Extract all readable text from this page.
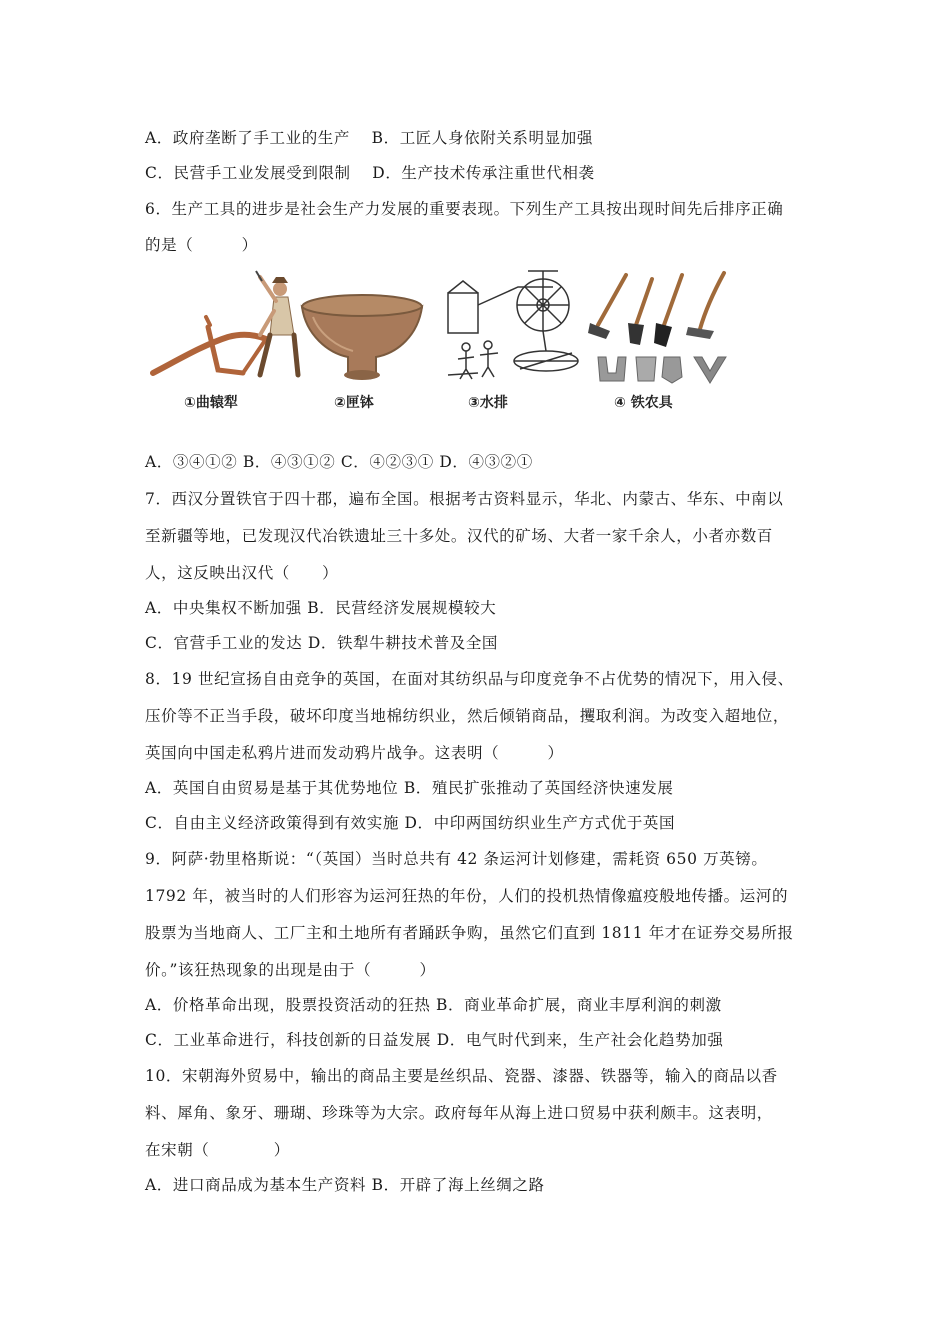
A．政府垄断了手工业的生产　 B．工匠人身依附关系明显加强
C．民营手工业发展受到限制　 D．生产技术传承注重世代相袭
6．生产工具的进步是社会生产力发展的重要表现。下列生产工具按出现时间先后排序正确
的是（　　　）
①曲辕犁	②匣钵	③水排	④ 铁农具
A．③④①② B．④③①② C．④②③① D．④③②①
7．西汉分置铁官于四十郡，遍布全国。根据考古资料显示，华北、内蒙古、华东、中南以
至新疆等地，已发现汉代冶铁遗址三十多处。汉代的矿场、大者一家千余人，小者亦数百
人，这反映出汉代（　　）
A．中央集权不断加强 B．民营经济发展规模较大
C．官营手工业的发达 D．铁犁牛耕技术普及全国
8．19 世纪宣扬自由竞争的英国，在面对其纺织品与印度竞争不占优势的情况下，用入侵、
压价等不正当手段，破坏印度当地棉纺织业，然后倾销商品，攫取利润。为改变入超地位，
英国向中国走私鸦片进而发动鸦片战争。这表明（　　　）
A．英国自由贸易是基于其优势地位 B．殖民扩张推动了英国经济快速发展
C．自由主义经济政策得到有效实施 D．中印两国纺织业生产方式优于英国
9．阿萨·勃里格斯说：“（英国）当时总共有 42 条运河计划修建，需耗资 650 万英镑。
1792 年，被当时的人们形容为运河狂热的年份，人们的投机热情像瘟疫般地传播。运河的
股票为当地商人、工厂主和土地所有者踊跃争购，虽然它们直到 1811 年才在证券交易所报
价。”该狂热现象的出现是由于（　　　）
A．价格革命出现，股票投资活动的狂热 B．商业革命扩展，商业丰厚利润的刺激
C．工业革命进行，科技创新的日益发展 D．电气时代到来，生产社会化趋势加强
10．宋朝海外贸易中，输出的商品主要是丝织品、瓷器、漆器、铁器等，输入的商品以香
料、犀角、象牙、珊瑚、珍珠等为大宗。政府每年从海上进口贸易中获利颇丰。这表明，
在宋朝（　　　　）
A．进口商品成为基本生产资料 B．开辟了海上丝绸之路
